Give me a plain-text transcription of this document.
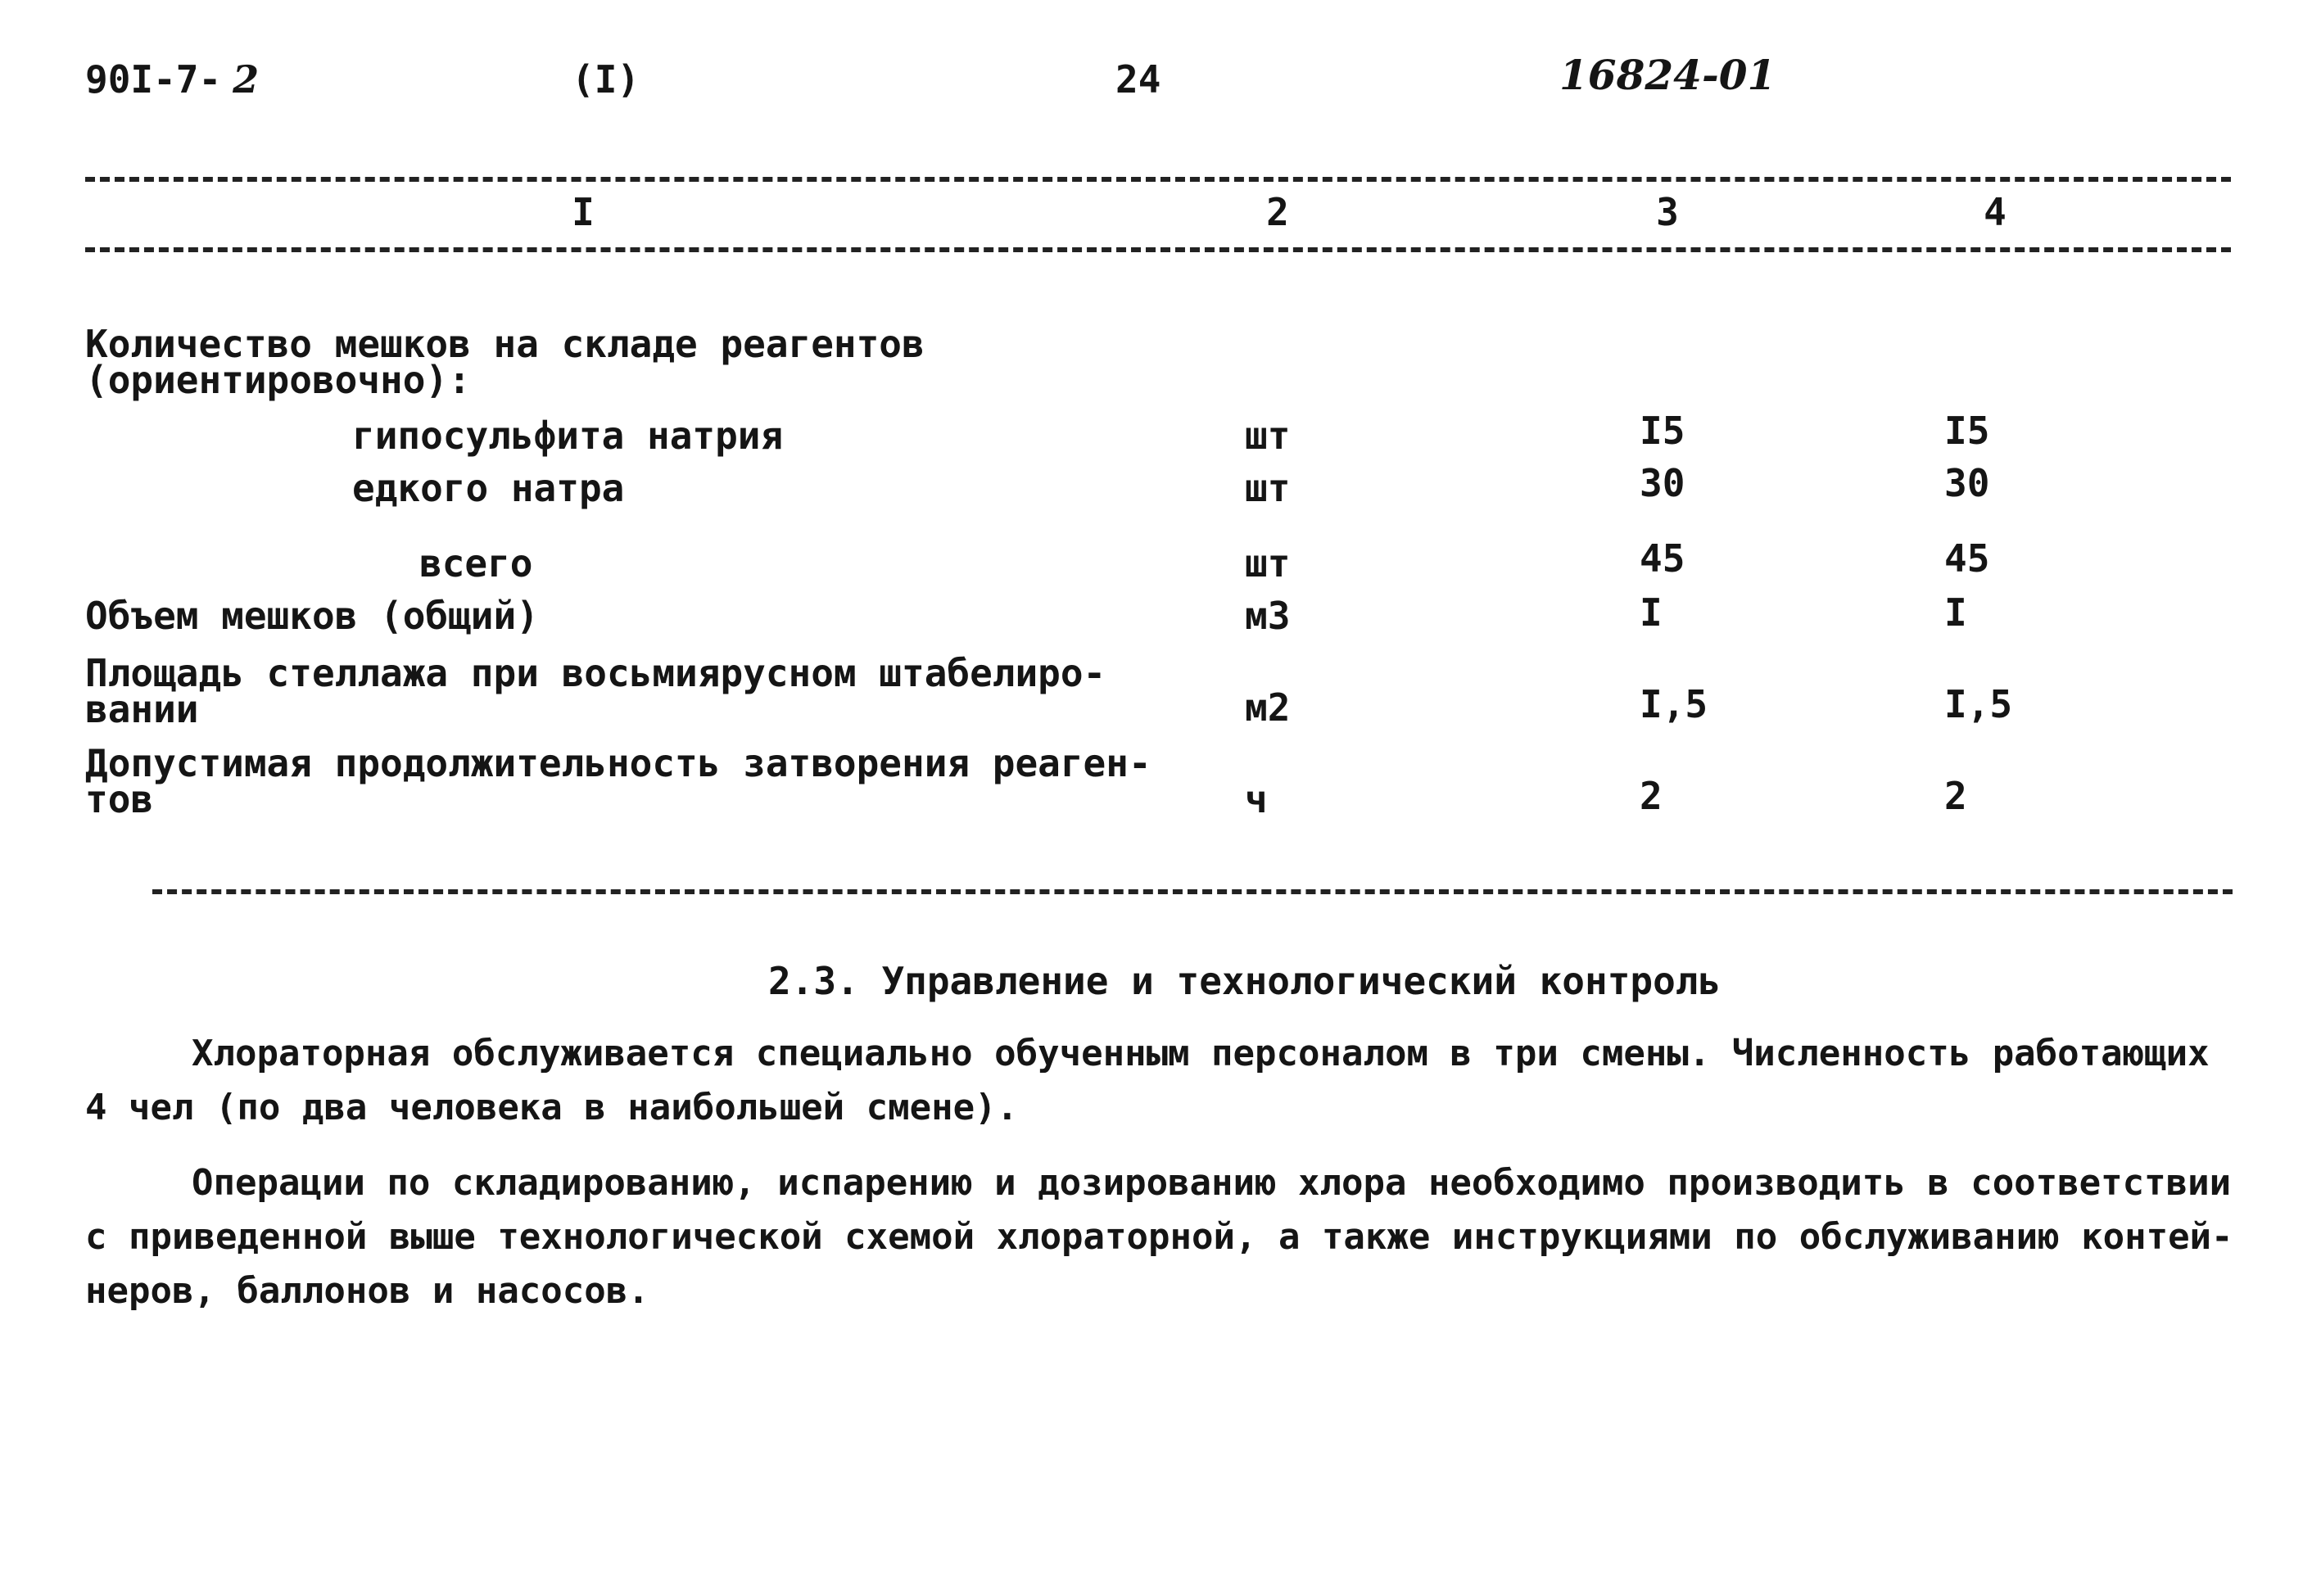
90I-7- 2	(I)	24	16824-01
I	2	3	4
Количество мешков на складе реагентов
(ориентировочно):
гипосульфита натрия	шт	I5	I5
едкого натра	шт	30	30
всего	шт	45	45
Объем мешков (общий)	м3	I	I
Площадь стеллажа при восьмиярусном штабелиро-
вании	м2	I,5	I,5
Допустимая продолжительность затворения реаген-
тов	ч	2	2
2.3. Управление и технологический контроль
Хлораторная обслуживается специально обученным персоналом в три смены. Численность работающих
4 чел (по два человека в наибольшей смене).
Операции по складированию, испарению и дозированию хлора необходимо производить в соответствии
с приведенной выше технологической схемой хлораторной, а также инструкциями по обслуживанию контей-
неров, баллонов и насосов.
